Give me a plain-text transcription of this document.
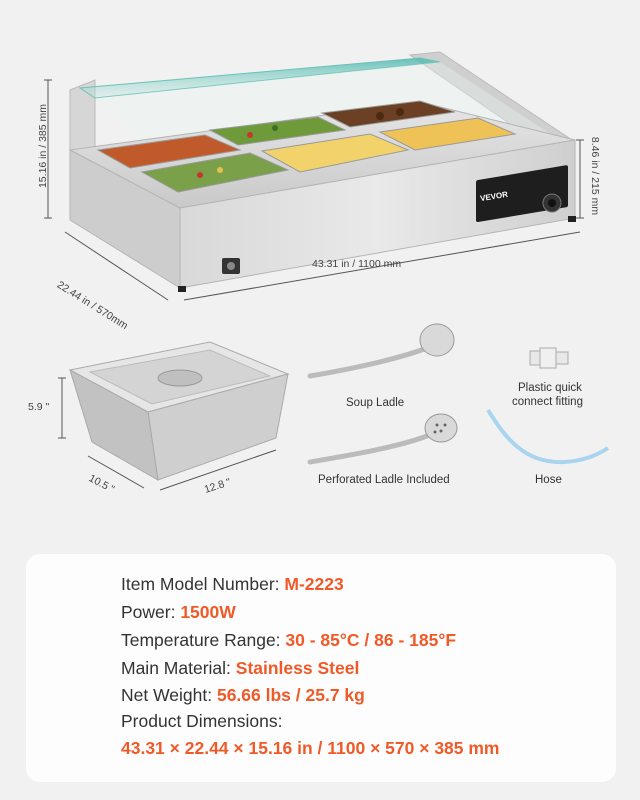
VEVOR
15.16 in / 385 mm	8.46 in / 215 mm
22.44 in / 570mm
43.31 in / 1100 mm
5.9 "
10.5 "	12.8 "
Soup Ladle
Perforated Ladle Included
Plastic quick
connect fitting
Hose
Item Model Number: M-2223
Power: 1500W
Temperature Range: 30 - 85°C / 86 - 185°F
Main Material: Stainless Steel
Net Weight: 56.66 lbs / 25.7 kg
Product Dimensions:
43.31 × 22.44 × 15.16 in / 1100 × 570 × 385 mm
